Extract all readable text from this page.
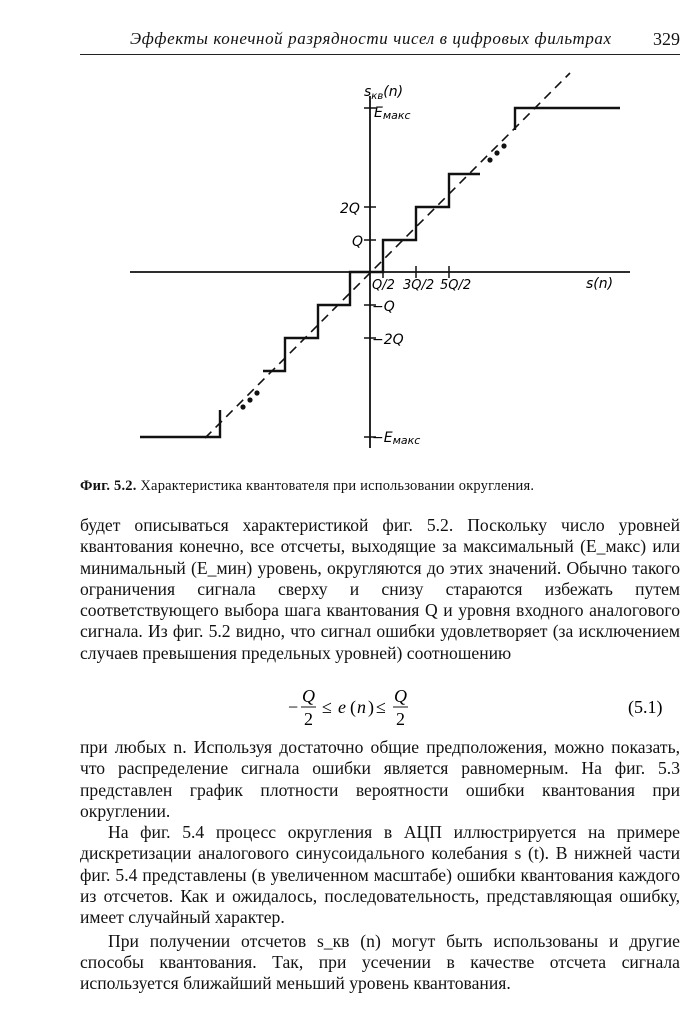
Эффекты конечной разрядности чисел в цифровых фильтрах 329
$s_{кв}(n)$
s(n)
Eмакс
2Q
Q
−Q
−2Q
−Eмакс
Q/2 3Q/2 5Q/2
Фиг. 5.2. Характеристика квантователя при использовании округления.

будет описываться характеристикой фиг. 5.2. Поскольку число уровней квантования конечно, все отсчеты, выходящие за максимальный (E_макс) или минимальный (E_мин) уровень, округляются до этих значений. Обычно такого ограничения сигнала сверху и снизу стараются избежать путем соответствующего выбора шага квантования Q и уровня входного аналогового сигнала. Из фиг. 5.2 видно, что сигнал ошибки удовлетворяет (за исключением случаев превышения предельных уровней) соотношению

−
Q
2
≤ e ( n ) ≤
Q
2
(5.1)

при любых n. Используя достаточно общие предположения, можно показать, что распределение сигнала ошибки является равномерным. На фиг. 5.3 представлен график плотности вероятности ошибки квантования при округлении.

На фиг. 5.4 процесс округления в АЦП иллюстрируется на примере дискретизации аналогового синусоидального колебания s (t). В нижней части фиг. 5.4 представлены (в увеличенном масштабе) ошибки квантования каждого из отсчетов. Как и ожидалось, последовательность, представляющая ошибку, имеет случайный характер.

При получении отсчетов s_кв (n) могут быть использованы и другие способы квантования. Так, при усечении в качестве отсчета сигнала используется ближайший меньший уровень квантования.
